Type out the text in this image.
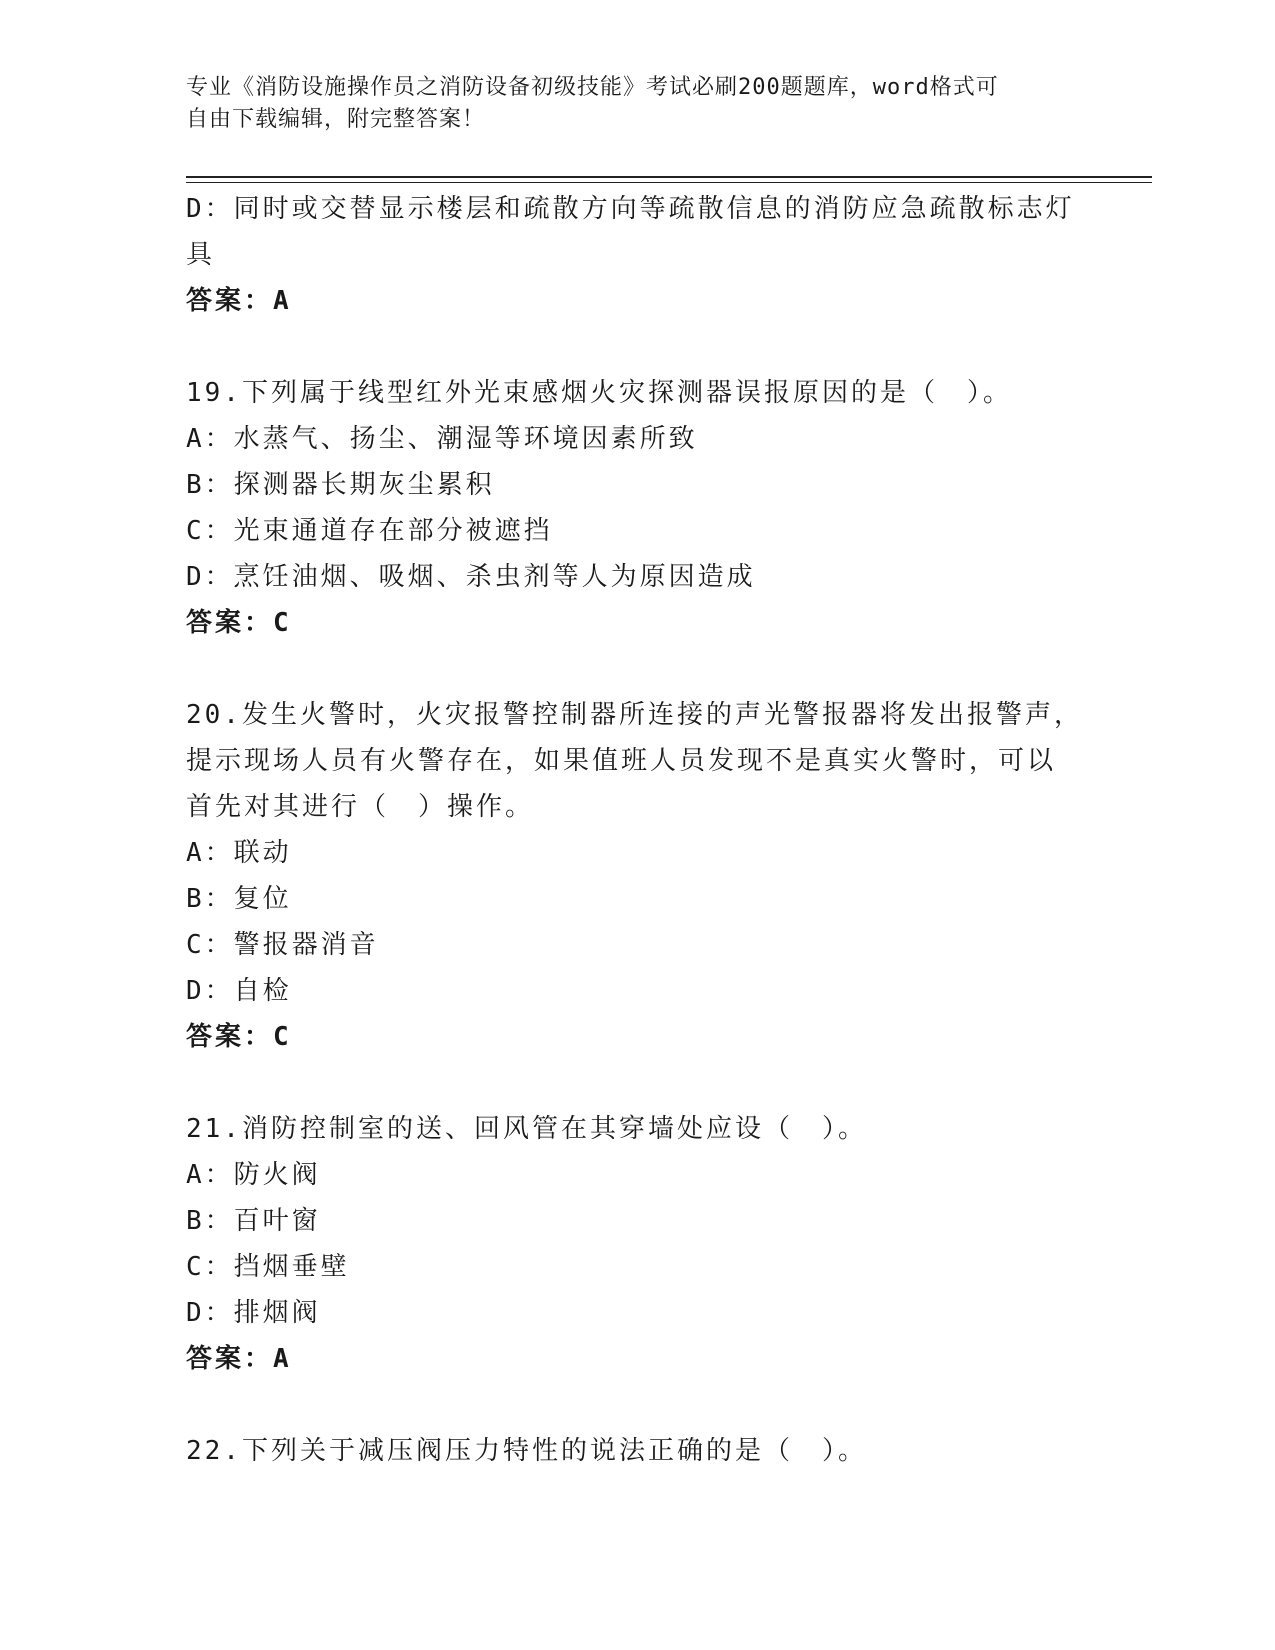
专业《消防设施操作员之消防设备初级技能》考试必刷200题题库，word格式可
自由下载编辑，附完整答案！
D：同时或交替显示楼层和疏散方向等疏散信息的消防应急疏散标志灯
具
答案：A
19.下列属于线型红外光束感烟火灾探测器误报原因的是（　）。
A：水蒸气、扬尘、潮湿等环境因素所致
B：探测器长期灰尘累积
C：光束通道存在部分被遮挡
D：烹饪油烟、吸烟、杀虫剂等人为原因造成
答案：C
20.发生火警时，火灾报警控制器所连接的声光警报器将发出报警声，
提示现场人员有火警存在，如果值班人员发现不是真实火警时，可以
首先对其进行（　）操作。
A：联动
B：复位
C：警报器消音
D：自检
答案：C
21.消防控制室的送、回风管在其穿墙处应设（　）。
A：防火阀
B：百叶窗
C：挡烟垂壁
D：排烟阀
答案：A
22.下列关于减压阀压力特性的说法正确的是（　）。
